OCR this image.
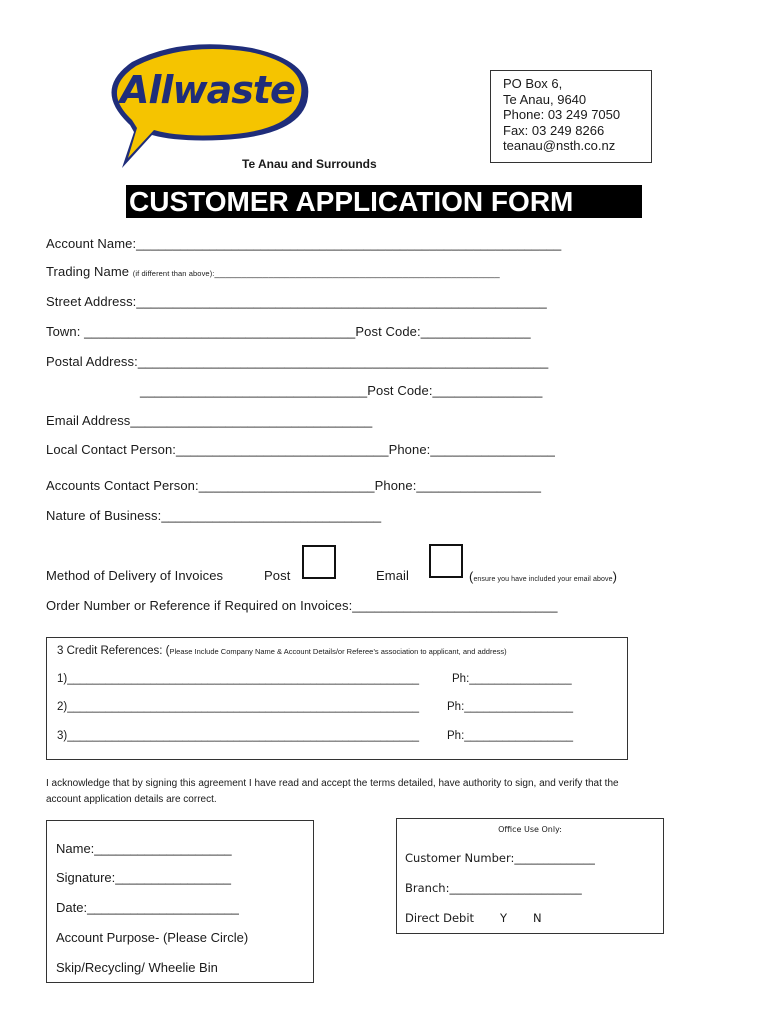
Allwaste
Te Anau and Surrounds
PO Box 6,
Te Anau, 9640
Phone: 03 249 7050
Fax: 03 249 8266
teanau@nsth.co.nz
CUSTOMER APPLICATION FORM
Account Name:__________________________________________________________
Trading Name (if different than above):_____________________________________________________
Street Address:________________________________________________________
Town: _____________________________________Post Code:_______________
Postal Address:________________________________________________________
_______________________________Post Code:_______________
Email Address_________________________________
Local Contact Person:_____________________________Phone:_________________
Accounts Contact Person:________________________Phone:_________________
Nature of Business:______________________________
Method of Delivery of Invoices	Post	Email	(ensure you have included your email above)
Order Number or Reference if Required on Invoices:____________________________
3 Credit References: (Please Include Company Name & Account Details/or Referee’s association to applicant, and address)
1)_______________________________________________________	Ph:________________
2)_______________________________________________________ Ph:_________________
3)_______________________________________________________ Ph:_________________
I acknowledge that by signing this agreement I have read and accept the terms detailed, have authority to sign, and verify that the
account application details are correct.
Name:___________________
Signature:________________
Date:_____________________
Account Purpose- (Please Circle)
Skip/Recycling/ Wheelie Bin
Office Use Only:
Customer Number:______________
Branch:_______________________
Direct Debit Y N
